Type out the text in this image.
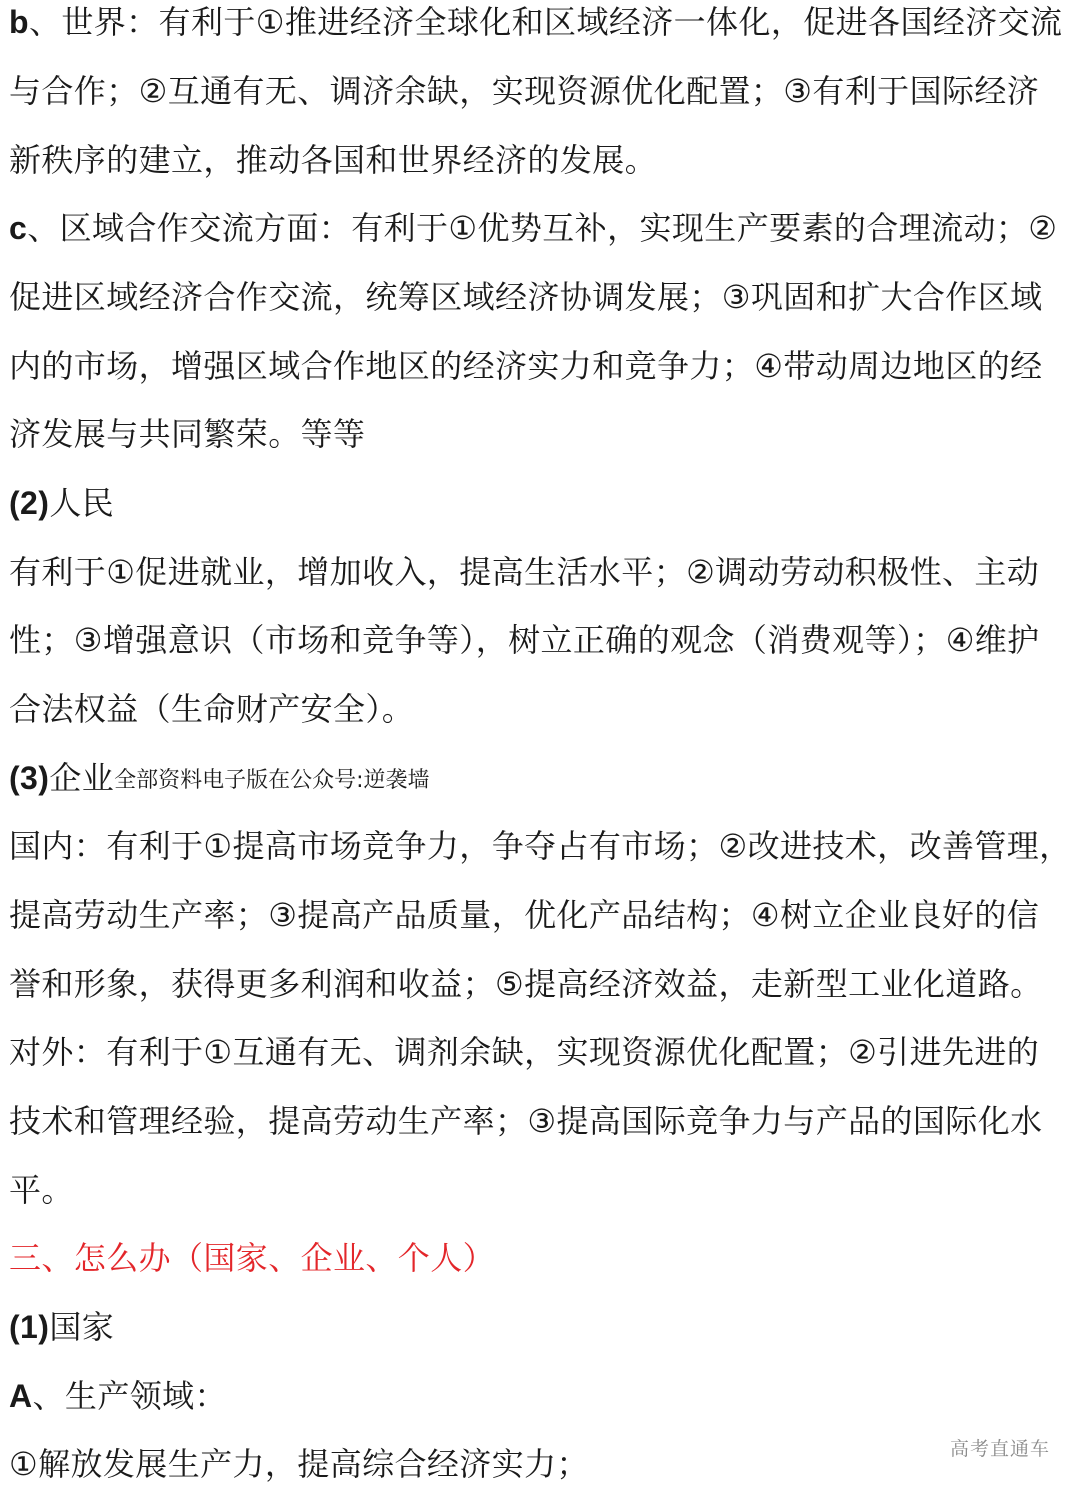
b、世界：有利于①推进经济全球化和区域经济一体化，促进各国经济交流
与合作；②互通有无、调济余缺，实现资源优化配置；③有利于国际经济
新秩序的建立，推动各国和世界经济的发展。
c、区域合作交流方面：有利于①优势互补，实现生产要素的合理流动；②
促进区域经济合作交流，统筹区域经济协调发展；③巩固和扩大合作区域
内的市场，增强区域合作地区的经济实力和竞争力；④带动周边地区的经
济发展与共同繁荣。等等
(2)人民
有利于①促进就业，增加收入，提高生活水平；②调动劳动积极性、主动
性；③增强意识（市场和竞争等），树立正确的观念（消费观等）；④维护
合法权益（生命财产安全）。
(3)企业全部资料电子版在公众号:逆袭墙
国内：有利于①提高市场竞争力，争夺占有市场；②改进技术，改善管理，
提高劳动生产率；③提高产品质量，优化产品结构；④树立企业良好的信
誉和形象，获得更多利润和收益；⑤提高经济效益，走新型工业化道路。
对外：有利于①互通有无、调剂余缺，实现资源优化配置；②引进先进的
技术和管理经验，提高劳动生产率；③提高国际竞争力与产品的国际化水
平。
三、怎么办（国家、企业、个人）
(1)国家
A、生产领域：
①解放发展生产力，提高综合经济实力；	高考直通车
